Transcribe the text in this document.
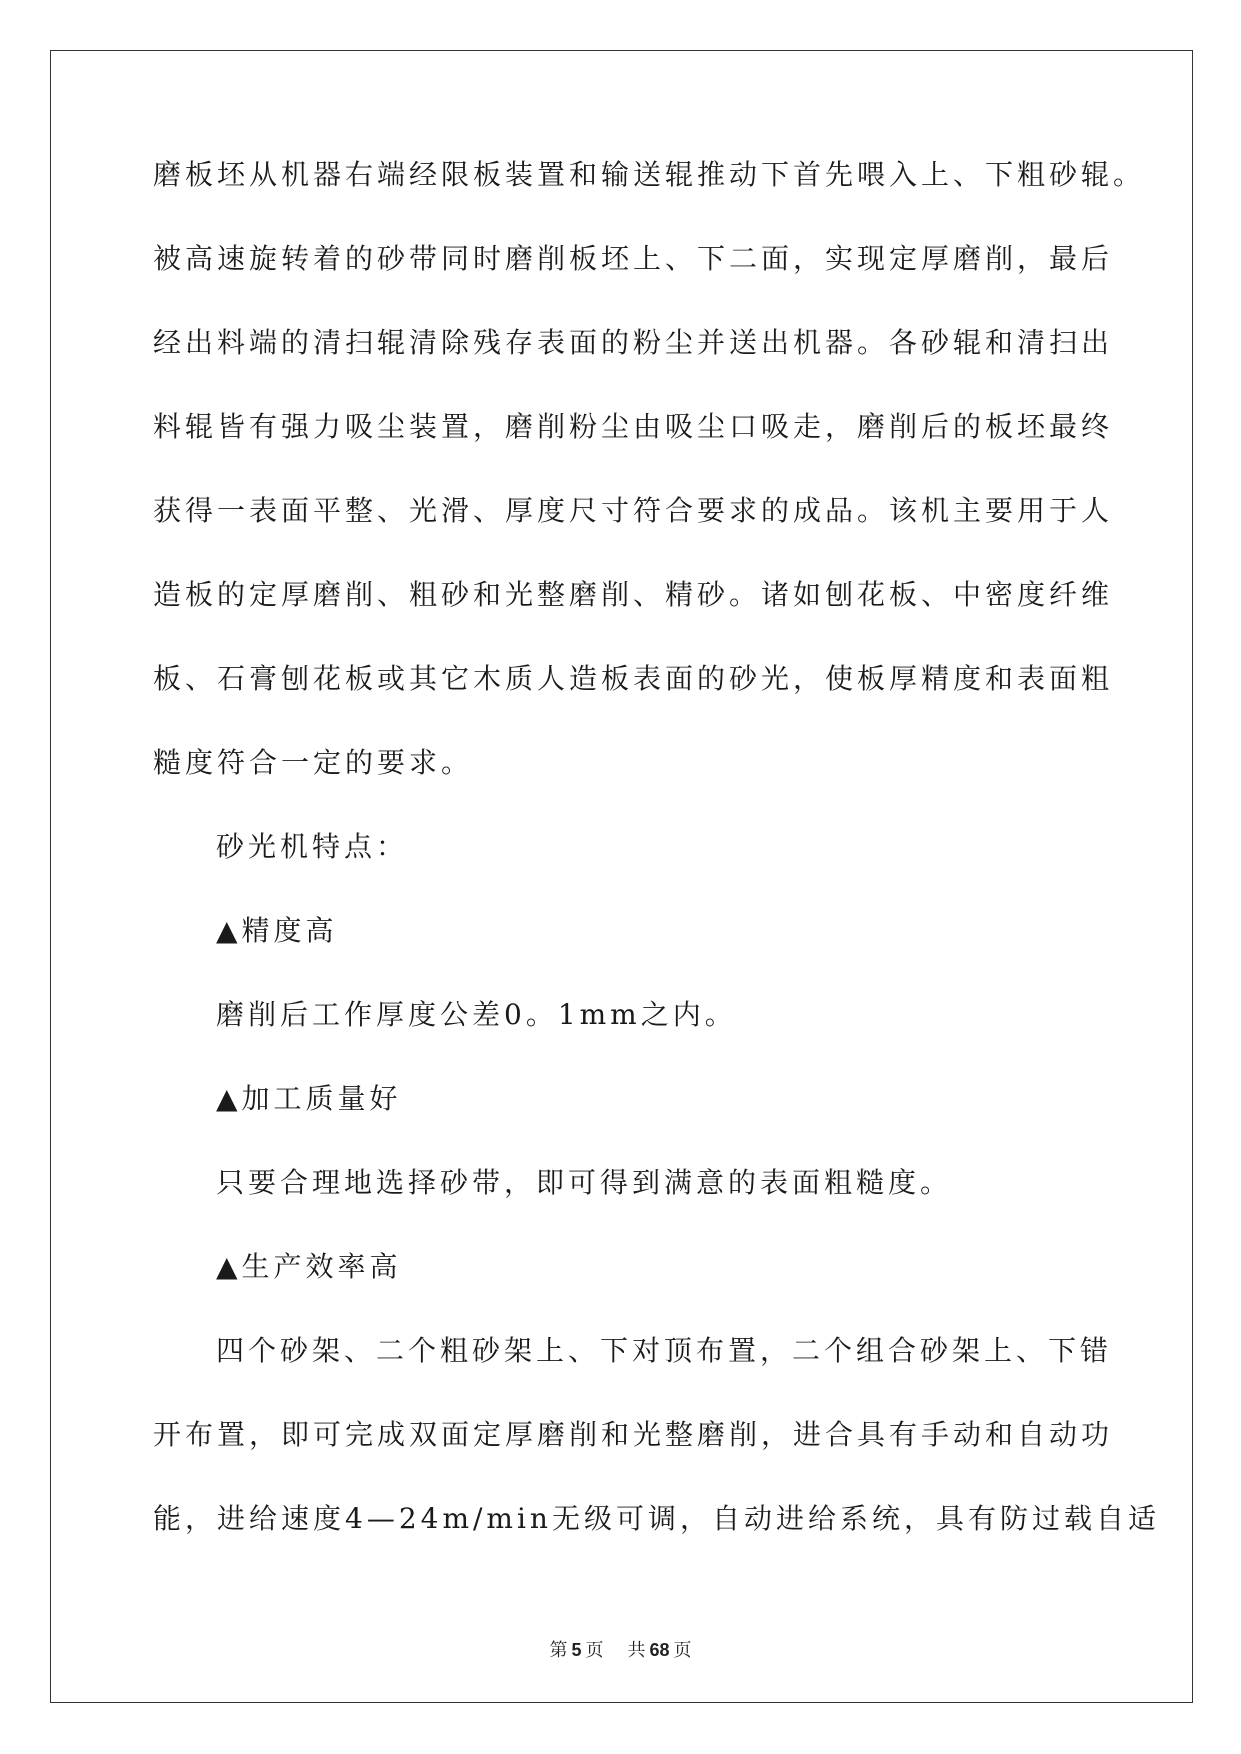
磨板坯从机器右端经限板装置和输送辊推动下首先喂入上、下粗砂辊。
被高速旋转着的砂带同时磨削板坯上、下二面，实现定厚磨削，最后
经出料端的清扫辊清除残存表面的粉尘并送出机器。各砂辊和清扫出
料辊皆有强力吸尘装置，磨削粉尘由吸尘口吸走，磨削后的板坯最终
获得一表面平整、光滑、厚度尺寸符合要求的成品。该机主要用于人
造板的定厚磨削、粗砂和光整磨削、精砂。诸如刨花板、中密度纤维
板、石膏刨花板或其它木质人造板表面的砂光，使板厚精度和表面粗
糙度符合一定的要求。
砂光机特点：
▲精度高
磨削后工作厚度公差0。1mm之内。
▲加工质量好
只要合理地选择砂带，即可得到满意的表面粗糙度。
▲生产效率高
四个砂架、二个粗砂架上、下对顶布置，二个组合砂架上、下错
开布置，即可完成双面定厚磨削和光整磨削，进合具有手动和自动功
能，进给速度4—24m/min无级可调，自动进给系统，具有防过载自适
第 5 页 共 68 页
